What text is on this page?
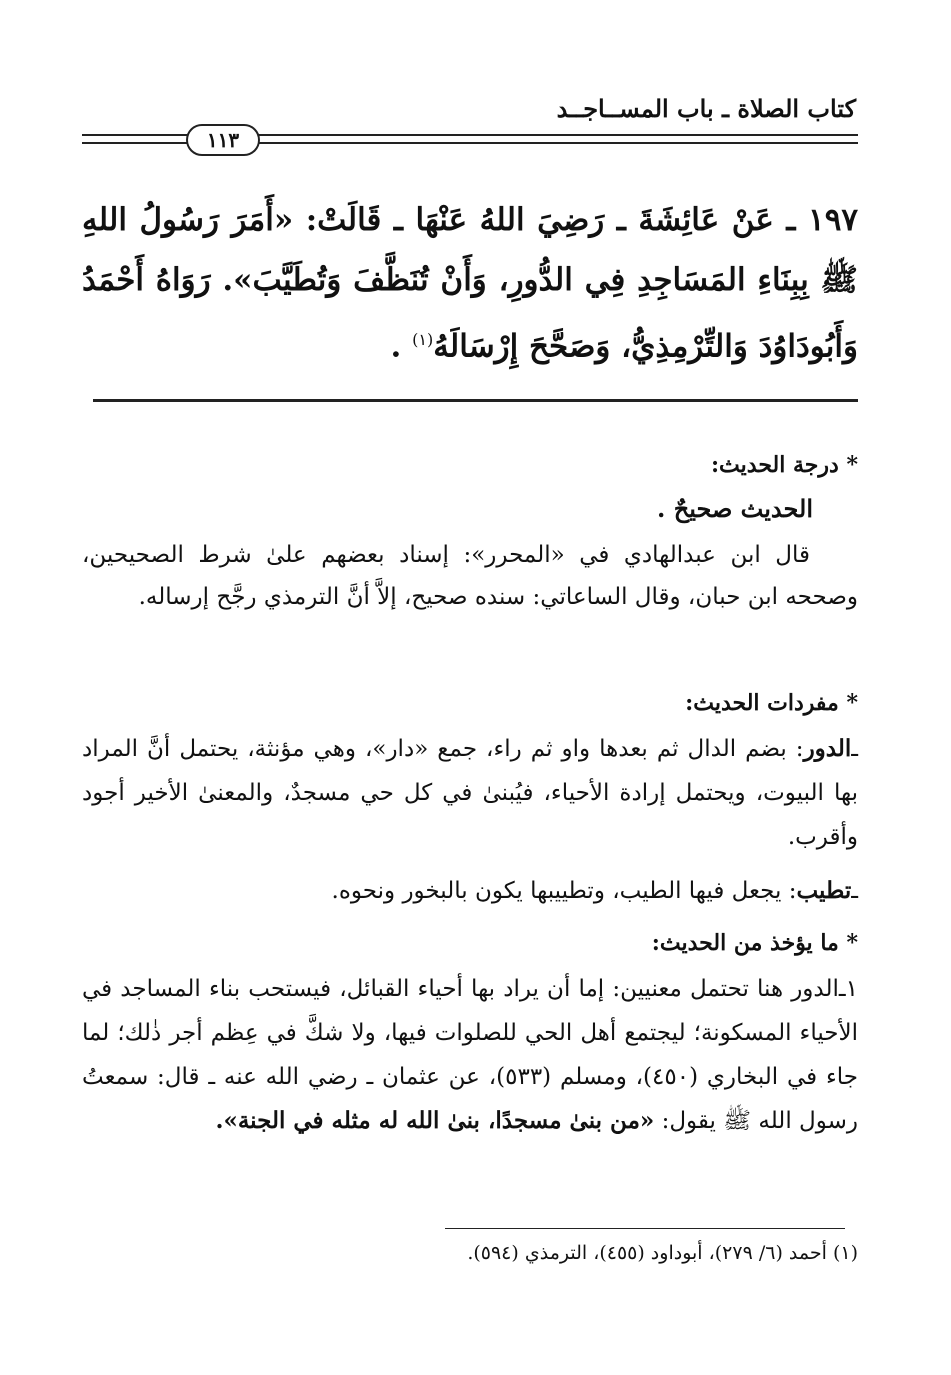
كتاب الصلاة ـ باب المســاجــد
١١٣
١٩٧ ـ عَنْ عَائِشَةَ ـ رَضِيَ اللهُ عَنْهَا ـ قَالَتْ: «أَمَرَ رَسُولُ اللهِ ﷺ بِبِنَاءِ المَسَاجِدِ فِي الدُّورِ، وَأَنْ تُنَظَّفَ وَتُطَيَّبَ». رَوَاهُ أَحْمَدُ وَأَبُودَاوُدَ وَالتِّرْمِذِيُّ، وَصَحَّحَ إِرْسَالَهُ$^{(١)}$ .
* درجة الحديث:
الحديث صحيحٌ .
قال ابن عبدالهادي في «المحرر»: إسناد بعضهم علىٰ شرط الصحيحين، وصححه ابن حبان، وقال الساعاتي: سنده صحيح، إلاَّ أنَّ الترمذي رجَّح إرساله.
* مفردات الحديث:
ـالدور: بضم الدال ثم بعدها واو ثم راء، جمع «دار»، وهي مؤنثة، يحتمل أنَّ المراد بها البيوت، ويحتمل إرادة الأحياء، فيُبنىٰ في كل حي مسجدٌ، والمعنىٰ الأخير أجود وأقرب.
ـتطيب: يجعل فيها الطيب، وتطييبها يكون بالبخور ونحوه.
* ما يؤخذ من الحديث:
١ـالدور هنا تحتمل معنيين: إما أن يراد بها أحياء القبائل، فيستحب بناء المساجد في الأحياء المسكونة؛ ليجتمع أهل الحي للصلوات فيها، ولا شكَّ في عِظم أجر ذٰلك؛ لما جاء في البخاري (٤٥٠)، ومسلم (٥٣٣)، عن عثمان ـ رضي الله عنه ـ قال: سمعتُ رسول الله ﷺ يقول: «من بنىٰ مسجدًا، بنىٰ الله له مثله في الجنة».
(١) أحمد (٦/ ٢٧٩)، أبوداود (٤٥٥)، الترمذي (٥٩٤).
